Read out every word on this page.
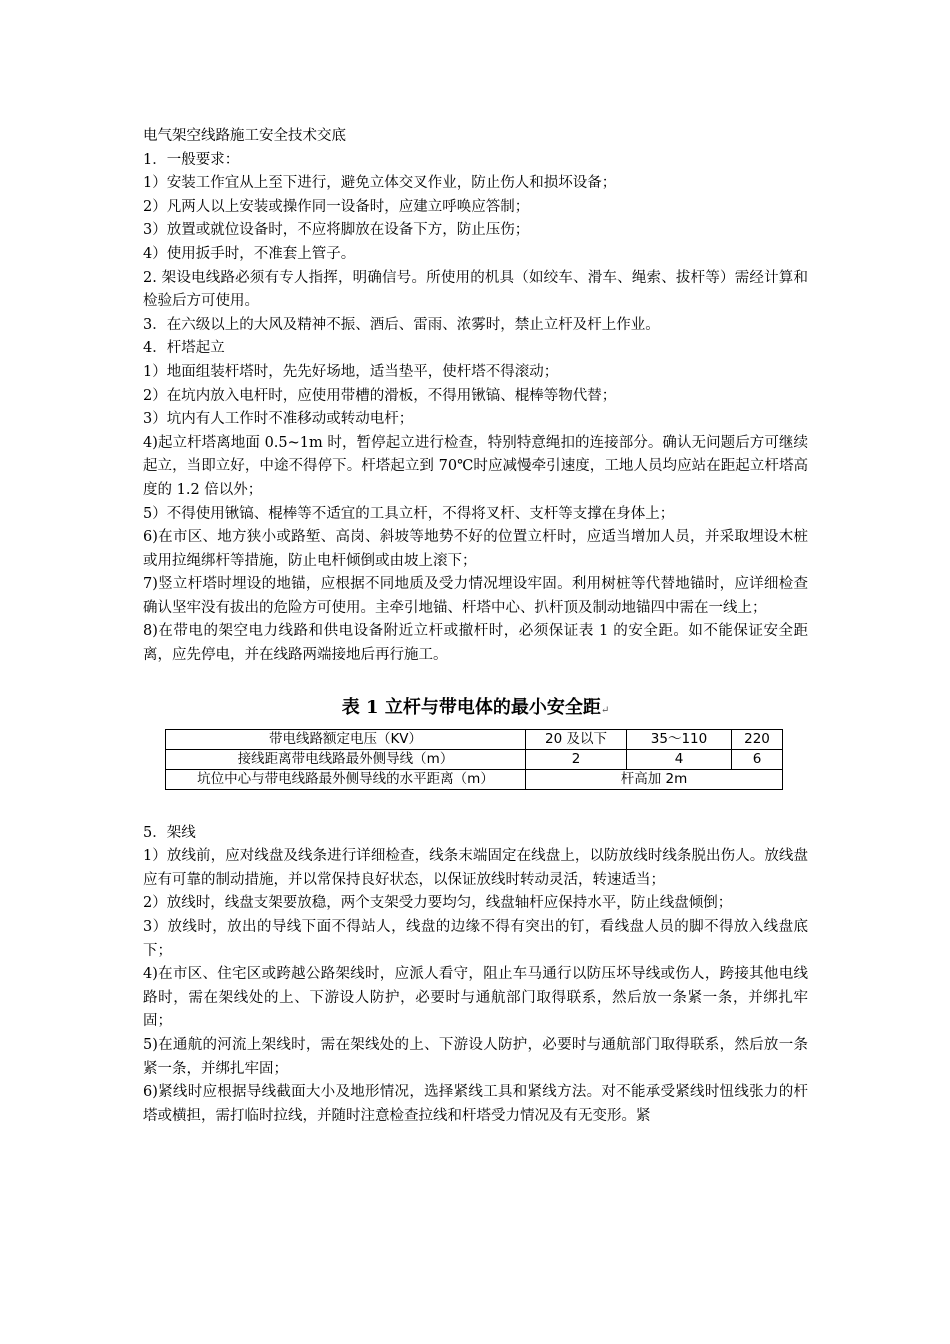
电气架空线路施工安全技术交底

1．一般要求：

1）安装工作宜从上至下进行，避免立体交叉作业，防止伤人和损坏设备；

2）凡两人以上安装或操作同一设备时，应建立呼唤应答制；

3）放置或就位设备时，不应将脚放在设备下方，防止压伤；

4）使用扳手时，不准套上管子。

2. 架设电线路必须有专人指挥，明确信号。所使用的机具（如绞车、滑车、绳索、拔杆等）需经计算和检验后方可使用。

3．在六级以上的大风及精神不振、酒后、雷雨、浓雾时，禁止立杆及杆上作业。

4．杆塔起立

1）地面组装杆塔时，先先好场地，适当垫平，使杆塔不得滚动；

2）在坑内放入电杆时，应使用带槽的滑板，不得用锹镐、棍棒等物代替；

3）坑内有人工作时不准移动或转动电杆；

4)起立杆塔离地面 0.5~1m 时，暂停起立进行检查，特别特意绳扣的连接部分。确认无问题后方可继续起立，当即立好，中途不得停下。杆塔起立到 70℃时应减慢牵引速度，工地人员均应站在距起立杆塔高度的 1.2 倍以外；

5）不得使用锹镐、棍棒等不适宜的工具立杆，不得将叉杆、支杆等支撑在身体上；

6)在市区、地方狭小或路堑、高岗、斜坡等地势不好的位置立杆时，应适当增加人员，并采取埋设木桩或用拉绳绑杆等措施，防止电杆倾倒或由坡上滚下；

7)竖立杆塔时埋设的地锚，应根据不同地质及受力情况埋设牢固。利用树桩等代替地锚时，应详细检查确认坚牢没有拔出的危险方可使用。主牵引地锚、杆塔中心、扒杆顶及制动地锚四中需在一线上；

8)在带电的架空电力线路和供电设备附近立杆或撤杆时，必须保证表 1 的安全距。如不能保证安全距离，应先停电，并在线路两端接地后再行施工。

表 1 立杆与带电体的最小安全距↵
带电线路额定电压（KV）	20 及以下	35～110	220
接线距离带电线路最外侧导线（m）	2	4	6
坑位中心与带电线路最外侧导线的水平距离（m）	杆高加 2m		

5．架线

1）放线前，应对线盘及线条进行详细检查，线条末端固定在线盘上，以防放线时线条脱出伤人。放线盘应有可靠的制动措施，并以常保持良好状态，以保证放线时转动灵活，转速适当；

2）放线时，线盘支架要放稳，两个支架受力要均匀，线盘轴杆应保持水平，防止线盘倾倒；

3）放线时，放出的导线下面不得站人，线盘的边缘不得有突出的钉，看线盘人员的脚不得放入线盘底下；

4)在市区、住宅区或跨越公路架线时，应派人看守，阻止车马通行以防压坏导线或伤人，跨接其他电线路时，需在架线处的上、下游设人防护，必要时与通航部门取得联系，然后放一条紧一条，并绑扎牢固；

5)在通航的河流上架线时，需在架线处的上、下游设人防护，必要时与通航部门取得联系，然后放一条紧一条，并绑扎牢固；

6)紧线时应根据导线截面大小及地形情况，选择紧线工具和紧线方法。对不能承受紧线时忸线张力的杆塔或横担，需打临时拉线，并随时注意检查拉线和杆塔受力情况及有无变形。紧
